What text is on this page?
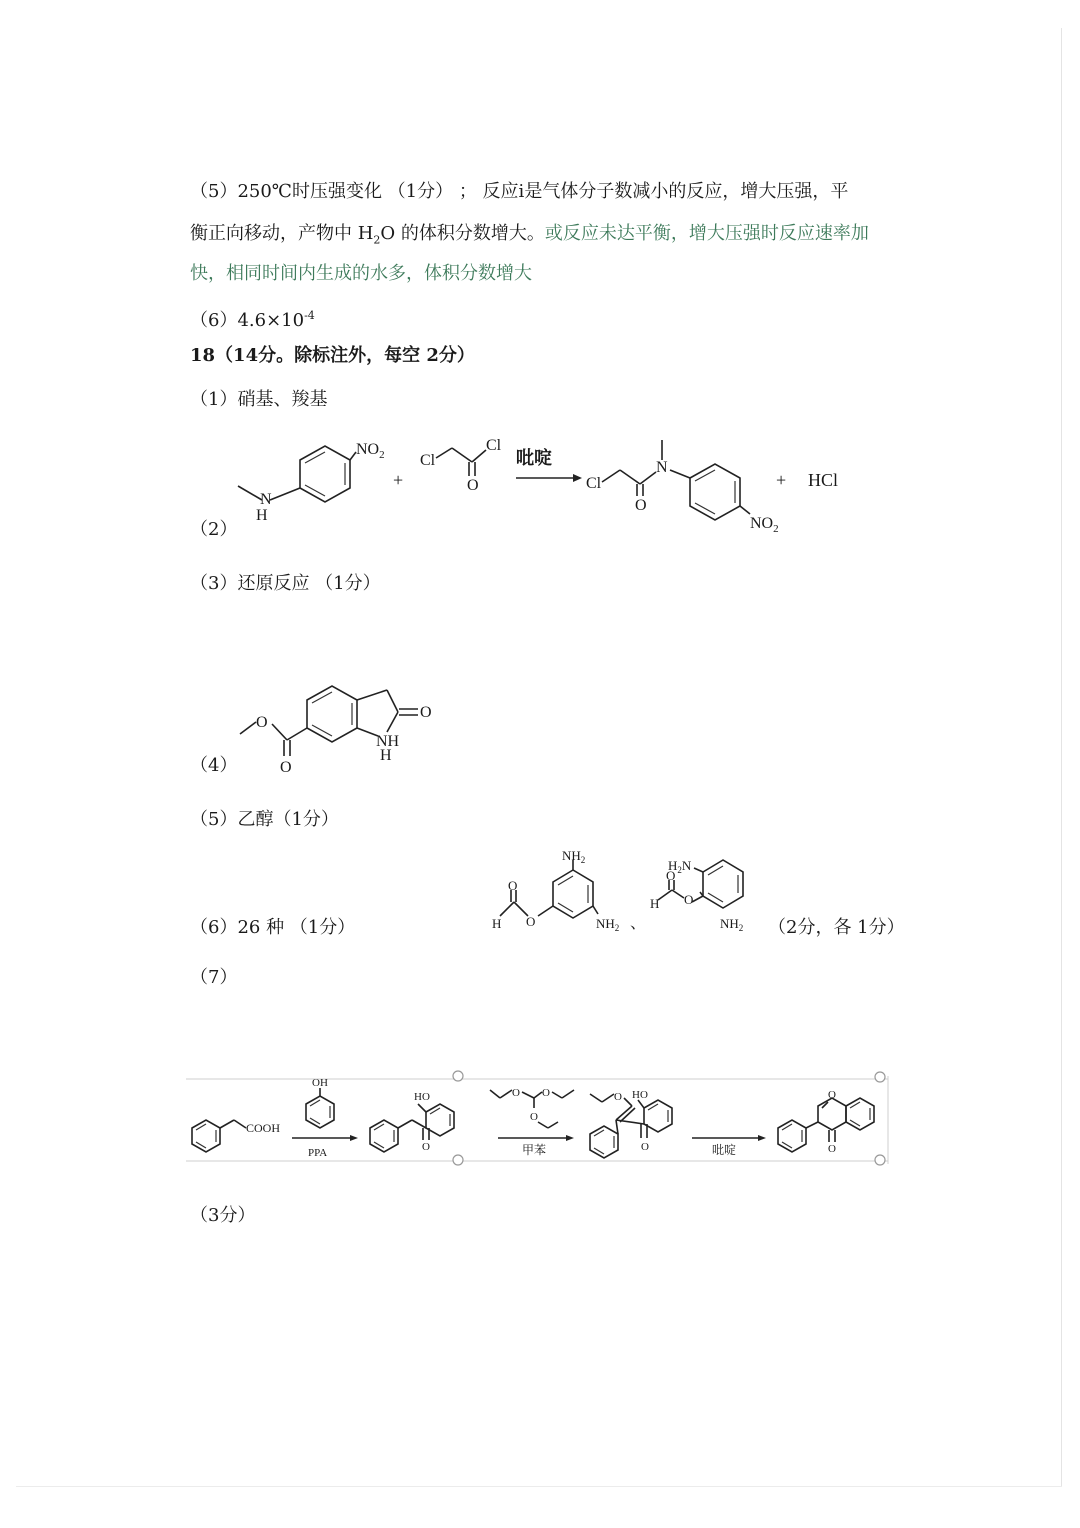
（5）250℃时压强变化 （1分） ； 反应i是气体分子数减小的反应，增大压强，平
衡正向移动，产物中 $H_2O$ 的体积分数增大。或反应未达平衡，增大压强时反应速率加
快，相同时间内生成的水多，体积分数增大
$(6)4.6\times 10^{-4}$
18（14分。除标注外，每空 2分）
（1）硝基、羧基
（2）
N
H
$NO_2$
+
Cl
Cl
O
吡啶
Cl
O
N
$NO_2$
+ HCl
（3）还原反应 （1分）
（4）
O
NH
H
O
O
（5）乙醇（1分）
（6）26 种 （1分）
$NH_2$
$NH_2$
O
O
H	、
$H_2N$
$NH_2$
O
O
H
（2分，各 1分）
（7）
COOH
OH
PPA	O
HO	O O
O
甲苯
O
O
HO
吡啶	O
O
（3分）
